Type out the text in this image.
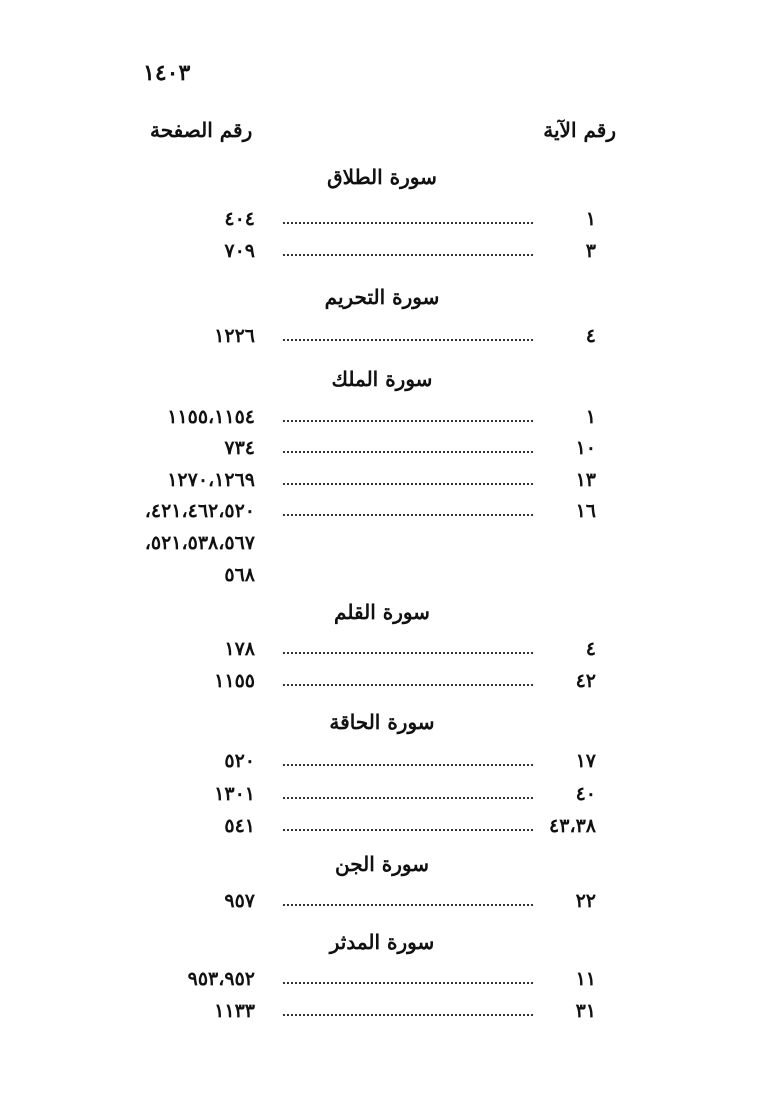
١٤٠٣
رقم الآية
رقم الصفحة
سورة الطلاق
١
٤٠٤
٣
٧٠٩
سورة التحريم
٤
١٢٢٦
سورة الملك
١
١١٥٥،١١٥٤
١٠
٧٣٤
١٣
١٢٧٠،١٢٦٩
١٦
٤٢١،٤٦٢،٥٢٠،
٥٢١،٥٣٨،٥٦٧،
٥٦٨
سورة القلم
٤
١٧٨
٤٢
١١٥٥
سورة الحاقة
١٧
٥٢٠
٤٠
١٣٠١
٤٣،٣٨
٥٤١
سورة الجن
٢٢
٩٥٧
سورة المدثر
١١
٩٥٣،٩٥٢
٣١
١١٣٣
